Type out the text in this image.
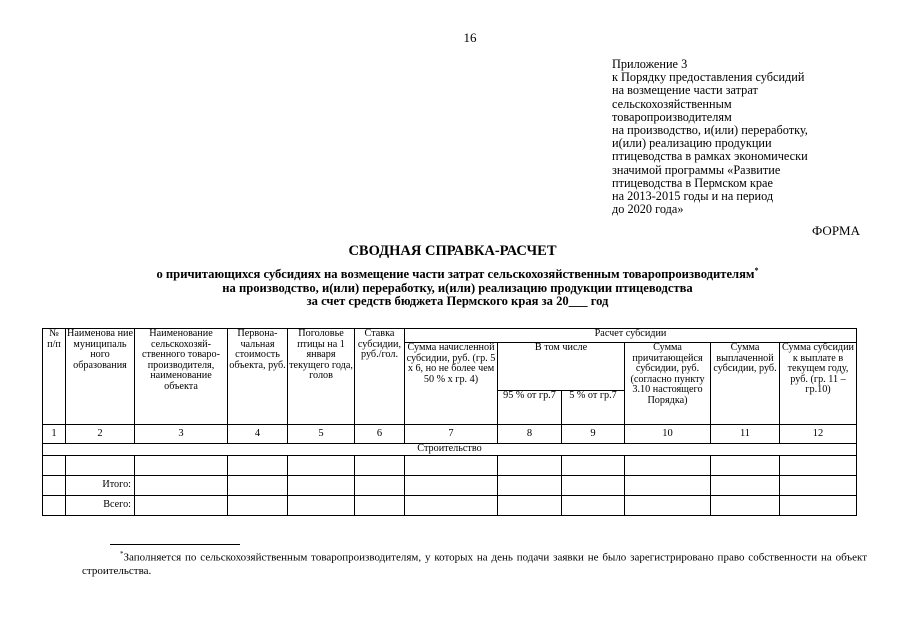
16
Приложение 3
к Порядку предоставления субсидий
на возмещение части затрат
сельскохозяйственным
товаропроизводителям
на производство, и(или) переработку,
и(или) реализацию продукции
птицеводства в рамках экономически
значимой программы «Развитие
птицеводства в Пермском крае
на 2013-2015 годы и на период
до 2020 года»
ФОРМА
СВОДНАЯ СПРАВКА-РАСЧЕТ
о причитающихся субсидиях на возмещение части затрат сельскохозяйственным товаропроизводителям*
на производство, и(или) переработку, и(или) реализацию продукции птицеводства
за счет средств бюджета Пермского края за 20___ год
№ п/п	Наименова ние муниципаль ного образования	Наименование сельскохозяй- ственного товаро- производителя, наименование объекта	Первона- чальная стоимость объекта, руб.	Поголовье птицы на 1 января текущего года, голов	Ставка субсидии, руб./гол.	Расчет субсидии					
						Сумма начисленной субсидии, руб. (гр. 5 х 6, но не более чем 50 % х гр. 4)	В том числе		Сумма причитающейся субсидии, руб. (согласно пункту 3.10 настоящего Порядка)	Сумма выплаченной субсидии, руб.	Сумма субсидии к выплате в текущем году, руб. (гр. 11 – гр.10)
							95 % от гр.7	5 % от гр.7			
1	2	3	4	5	6	7	8	9	10	11	12
Строительство											

	Итого:										
	Всего:										
*Заполняется по сельскохозяйственным товаропроизводителям, у которых на день подачи заявки не было зарегистрировано право собственности на объект строительства.
